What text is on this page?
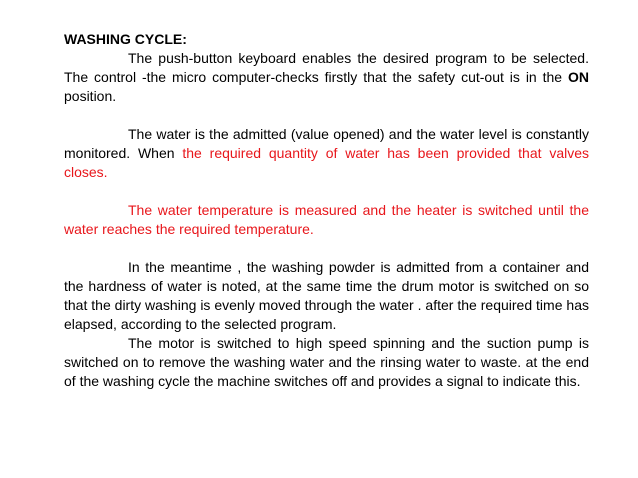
WASHING CYCLE:

The push-button keyboard enables the desired program to be selected. The control -the micro computer-checks firstly that the safety cut-out is in the ON position.

The water is the admitted (value opened) and the water level is constantly monitored. When the required quantity of water has been provided that valves closes.

The water temperature is measured and the heater is switched until the water reaches the required temperature.

In the meantime , the washing powder is admitted from a container and the hardness of water is noted, at the same time the drum motor is switched on so that the dirty washing is evenly moved through the water . after the required time has elapsed, according to the selected program.

The motor is switched to high speed spinning and the suction pump is switched on to remove the washing water and the rinsing water to waste. at the end of the washing cycle the machine switches off and provides a signal to indicate this.
